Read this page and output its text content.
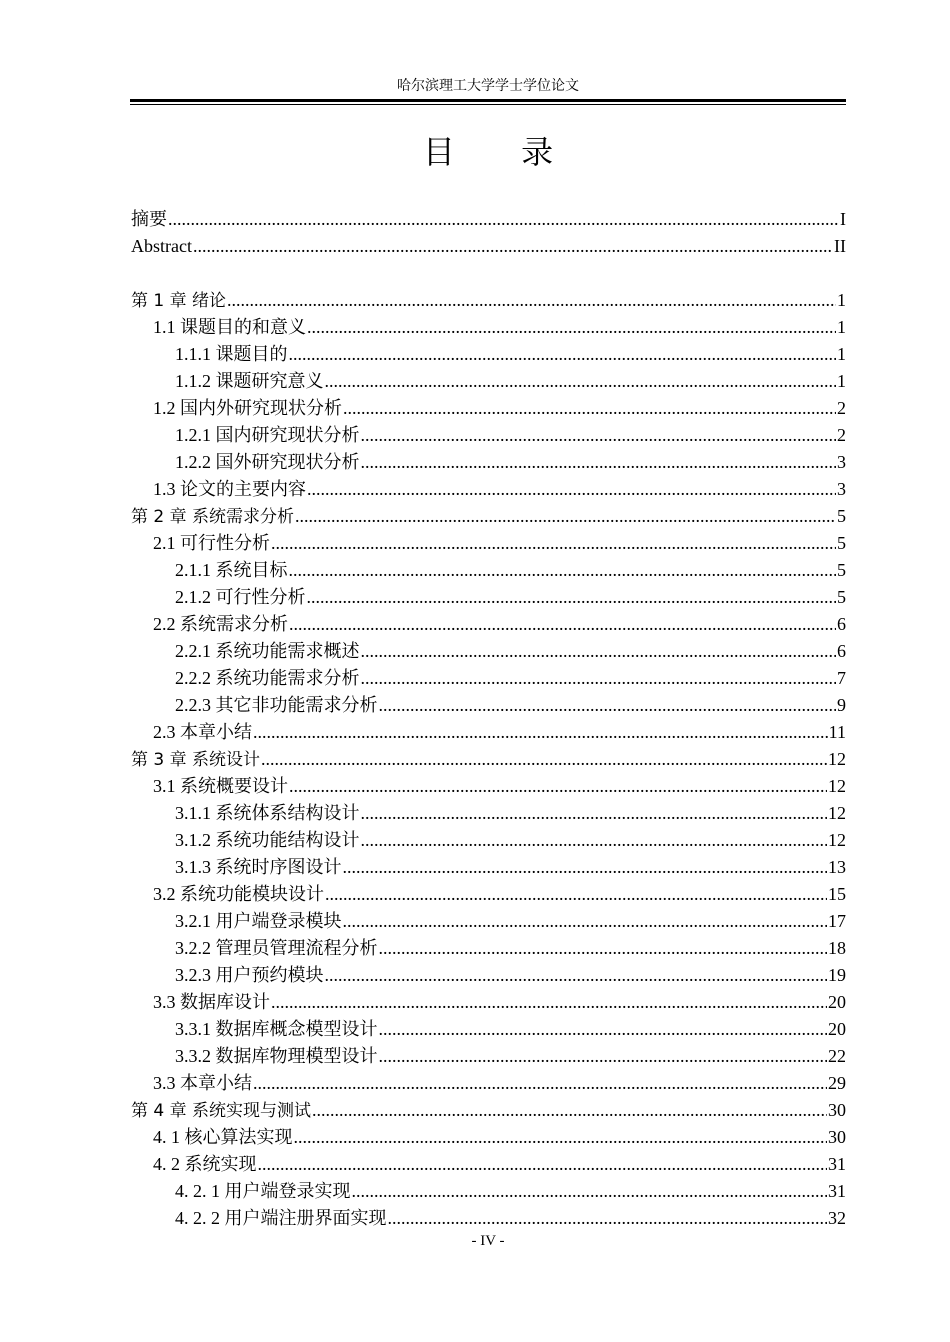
哈尔滨理工大学学士学位论文
目 录
摘要 .....	I
Abstract .....	II
第 1 章 绪论 .....	1
1.1 课题目的和意义 .....	1
1.1.1 课题目的 .....	1
1.1.2 课题研究意义 .....	1
1.2 国内外研究现状分析 .....	2
1.2.1 国内研究现状分析 .....	2
1.2.2 国外研究现状分析 .....	3
1.3 论文的主要内容 .....	3
第 2 章 系统需求分析 .....	5
2.1 可行性分析 .....	5
2.1.1 系统目标 .....	5
2.1.2 可行性分析 .....	5
2.2 系统需求分析 .....	6
2.2.1 系统功能需求概述 .....	6
2.2.2 系统功能需求分析 .....	7
2.2.3 其它非功能需求分析 .....	9
2.3 本章小结 .....	11
第 3 章 系统设计 .....	12
3.1 系统概要设计 .....	12
3.1.1 系统体系结构设计 .....	12
3.1.2 系统功能结构设计 .....	12
3.1.3 系统时序图设计 .....	13
3.2 系统功能模块设计 .....	15
3.2.1 用户端登录模块 .....	17
3.2.2 管理员管理流程分析 .....	18
3.2.3 用户预约模块 .....	19
3.3 数据库设计 .....	20
3.3.1 数据库概念模型设计 .....	20
3.3.2 数据库物理模型设计 .....	22
3.3 本章小结 .....	29
第 4 章 系统实现与测试 .....	30
4. 1 核心算法实现 .....	30
4. 2 系统实现 .....	31
4. 2. 1 用户端登录实现 .....	31
4. 2. 2 用户端注册界面实现 .....	32
- IV -
